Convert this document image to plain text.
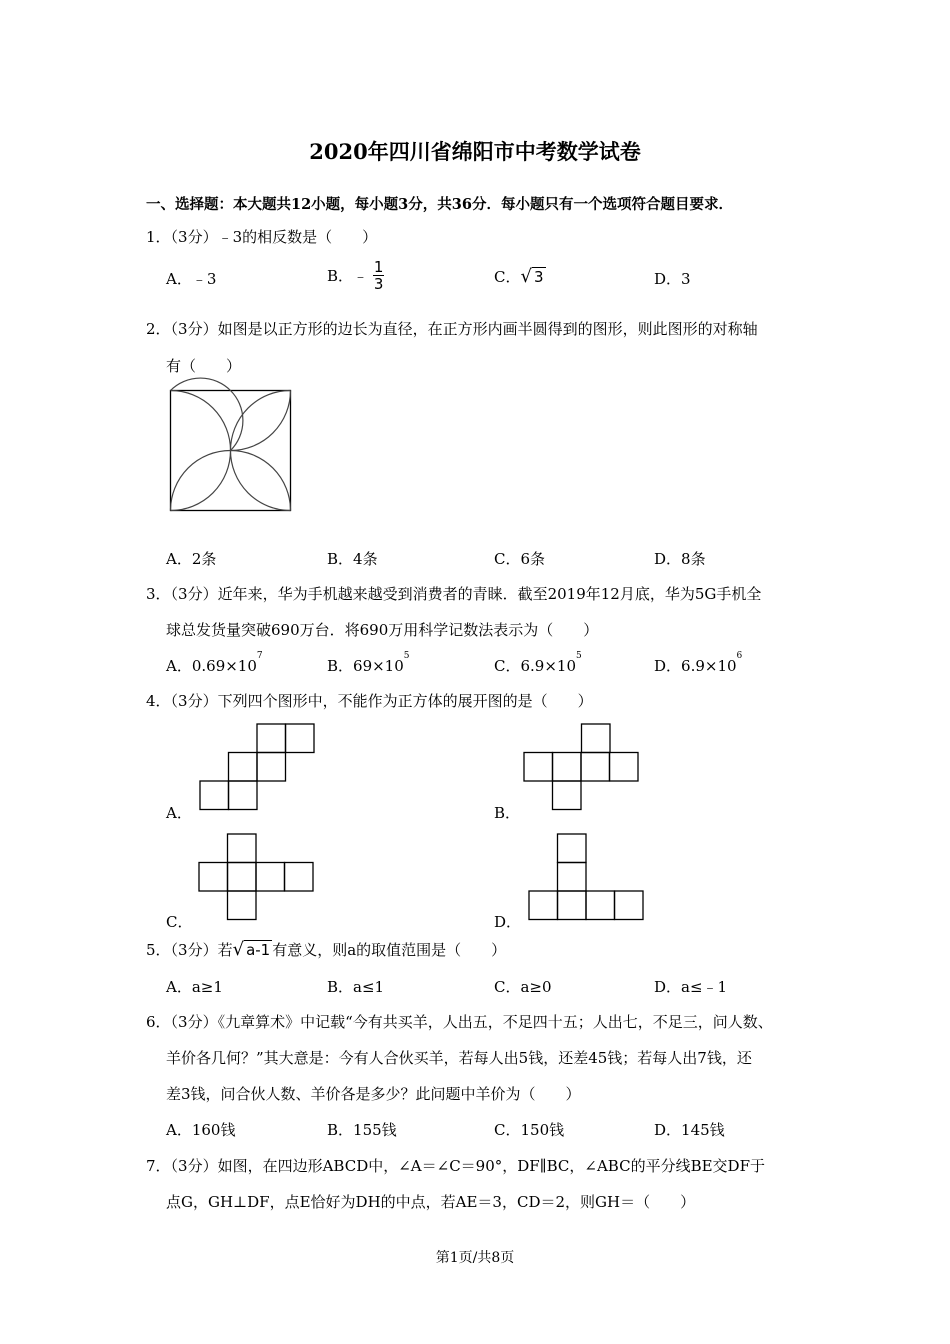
2020年四川省绵阳市中考数学试卷
一、选择题：本大题共12小题，每小题3分，共36分．每小题只有一个选项符合题目要求．
1．（3分）﹣3的相反数是（　　）
A．﹣3	B．﹣ $\frac{1}{3}$	C．√ 3	D．3
2．（3分）如图是以正方形的边长为直径，在正方形内画半圆得到的图形，则此图形的对称轴
有（　　）
A．2条	B．4条	C．6条	D．8条
3．（3分）近年来，华为手机越来越受到消费者的青睐．截至2019年12月底，华为5G手机全
球总发货量突破690万台．将690万用科学记数法表示为（　　）
A．$0.69\times 10^7$
B．$69\times 10^5$
C．$6.9\times 10^5$
D．$6.9\times 10^6$
4．（3分）下列四个图形中，不能作为正方体的展开图的是（　　）
A．	B．
C．	D．
5．（3分）若√ a-1 有意义，则a的取值范围是（　　）
A．a≥1	B．a≤1	C．a≥0	D．a≤﹣1
6．（3分）《九章算术》中记载“今有共买羊，人出五，不足四十五；人出七，不足三，问人数、
羊价各几何？”其大意是：今有人合伙买羊，若每人出5钱，还差45钱；若每人出7钱，还
差3钱，问合伙人数、羊价各是多少？此问题中羊价为（　　）
A．160钱	B．155钱	C．150钱	D．145钱
7．（3分）如图，在四边形ABCD中，∠A＝∠C＝90°，DF∥BC，∠ABC的平分线BE交DF于
点G，GH⊥DF，点E恰好为DH的中点，若AE＝3，CD＝2，则GH＝（　　）
第1页/共8页
